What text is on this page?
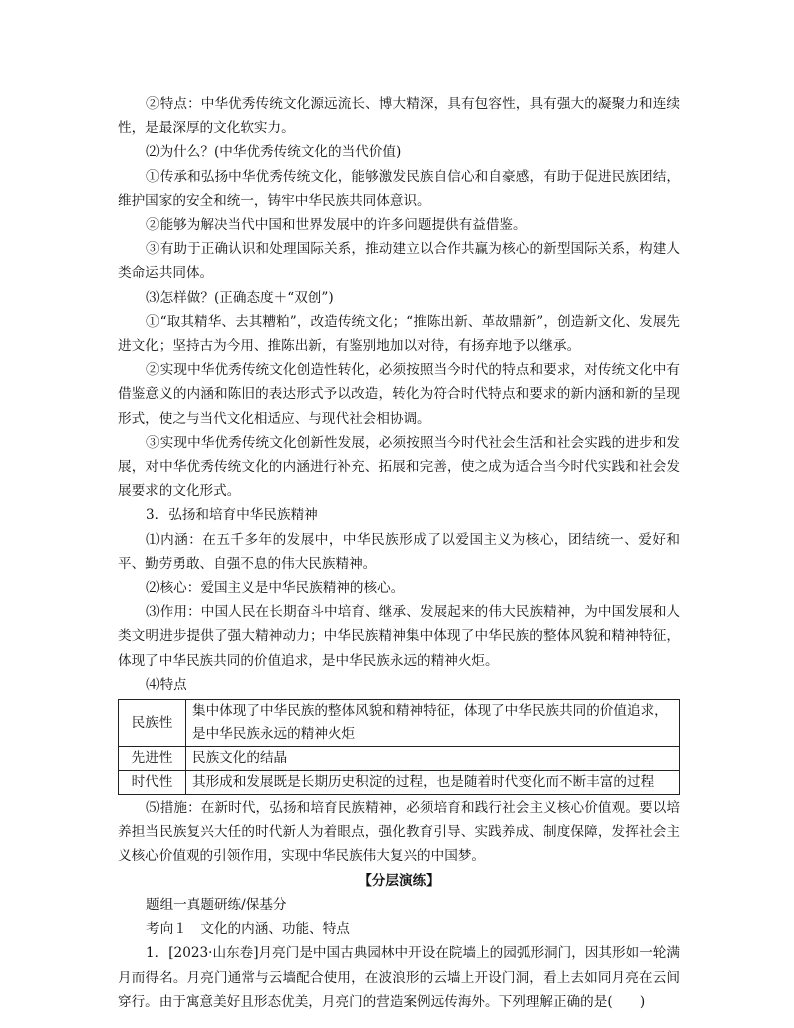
②特点：中华优秀传统文化源远流长、博大精深，具有包容性，具有强大的凝聚力和连续性，是最深厚的文化软实力。

⑵为什么？(中华优秀传统文化的当代价值)

①传承和弘扬中华优秀传统文化，能够激发民族自信心和自豪感，有助于促进民族团结，维护国家的安全和统一，铸牢中华民族共同体意识。

②能够为解决当代中国和世界发展中的许多问题提供有益借鉴。

③有助于正确认识和处理国际关系，推动建立以合作共赢为核心的新型国际关系，构建人类命运共同体。

⑶怎样做？(正确态度＋“双创”)

①“取其精华、去其糟粕”，改造传统文化；“推陈出新、革故鼎新”，创造新文化、发展先进文化；坚持古为今用、推陈出新，有鉴别地加以对待，有扬弃地予以继承。

②实现中华优秀传统文化创造性转化，必须按照当今时代的特点和要求，对传统文化中有借鉴意义的内涵和陈旧的表达形式予以改造，转化为符合时代特点和要求的新内涵和新的呈现形式，使之与当代文化相适应、与现代社会相协调。

③实现中华优秀传统文化创新性发展，必须按照当今时代社会生活和社会实践的进步和发展，对中华优秀传统文化的内涵进行补充、拓展和完善，使之成为适合当今时代实践和社会发展要求的文化形式。

3．弘扬和培育中华民族精神

⑴内涵：在五千多年的发展中，中华民族形成了以爱国主义为核心，团结统一、爱好和平、勤劳勇敢、自强不息的伟大民族精神。

⑵核心：爱国主义是中华民族精神的核心。

⑶作用：中国人民在长期奋斗中培育、继承、发展起来的伟大民族精神，为中国发展和人类文明进步提供了强大精神动力；中华民族精神集中体现了中华民族的整体风貌和精神特征，体现了中华民族共同的价值追求，是中华民族永远的精神火炬。

⑷特点

民族性	集中体现了中华民族的整体风貌和精神特征，体现了中华民族共同的价值追求，是中华民族永远的精神火炬
先进性	民族文化的结晶
时代性	其形成和发展既是长期历史积淀的过程，也是随着时代变化而不断丰富的过程

⑸措施：在新时代，弘扬和培育民族精神，必须培育和践行社会主义核心价值观。要以培养担当民族复兴大任的时代新人为着眼点，强化教育引导、实践养成、制度保障，发挥社会主义核心价值观的引领作用，实现中华民族伟大复兴的中国梦。

【分层演练】

题组一真题研练/保基分

考向１　文化的内涵、功能、特点

1．[2023·山东卷]月亮门是中国古典园林中开设在院墙上的园弧形洞门，因其形如一轮满月而得名。月亮门通常与云墙配合使用，在波浪形的云墙上开设门洞，看上去如同月亮在云间穿行。由于寓意美好且形态优美，月亮门的营造案例远传海外。下列理解正确的是(　　)
